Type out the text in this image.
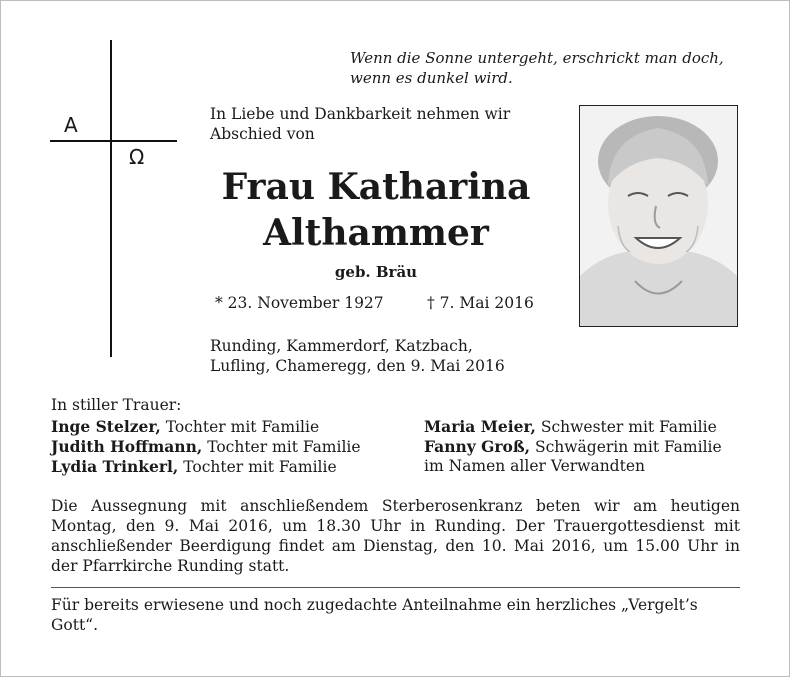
Wenn die Sonne untergeht, erschrickt man doch,
wenn es dunkel wird.
A
Ω
In Liebe und Dankbarkeit nehmen wir
Abschied von
Frau Katharina
Althammer
geb. Bräu
* 23. November 1927	† 7. Mai 2016
Runding, Kammerdorf, Katzbach,
Lufling, Chameregg, den 9. Mai 2016
In stiller Trauer:
Inge Stelzer, Tochter mit Familie
Judith Hoffmann, Tochter mit Familie
Lydia Trinkerl, Tochter mit Familie
Maria Meier, Schwester mit Familie
Fanny Groß, Schwägerin mit Familie
im Namen aller Verwandten
Die Aussegnung mit anschließendem Sterberosenkranz beten wir am heutigen Montag, den 9. Mai 2016, um 18.30 Uhr in Runding. Der Trauergottesdienst mit anschließender Beerdigung findet am Dienstag, den 10. Mai 2016, um 15.00 Uhr in der Pfarrkirche Runding statt.
Für bereits erwiesene und noch zugedachte Anteilnahme ein herzliches „Vergelt’s Gott“.
